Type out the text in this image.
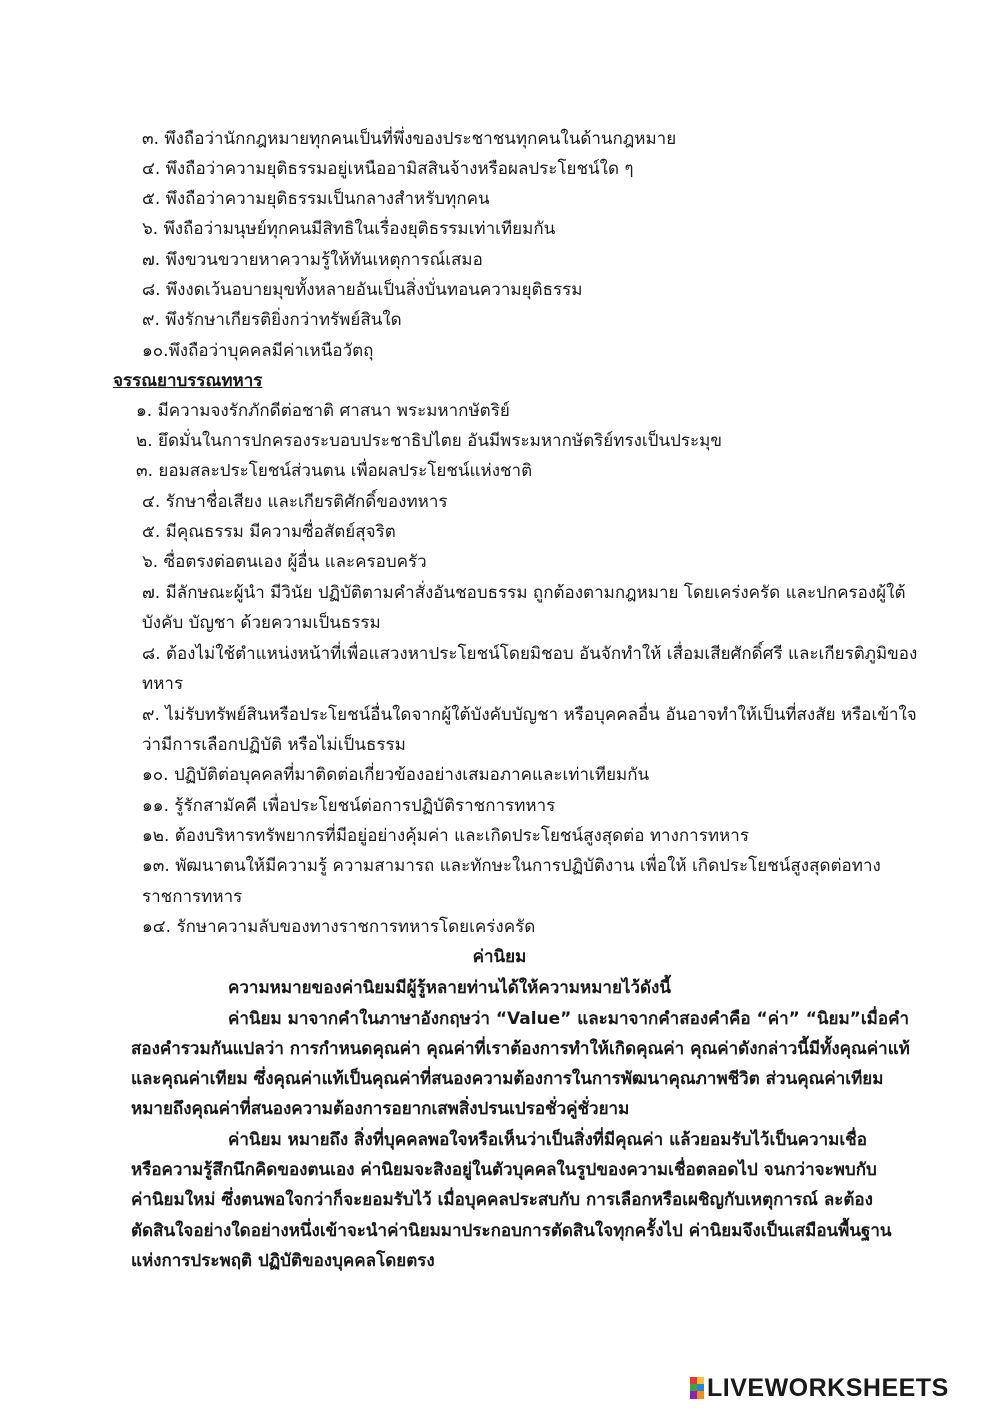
๓. พึงถือว่านักกฎหมายทุกคนเป็นที่พึ่งของประชาชนทุกคนในด้านกฎหมาย
๔. พึงถือว่าความยุติธรรมอยู่เหนืออามิสสินจ้างหรือผลประโยชน์ใด ๆ
๕. พึงถือว่าความยุติธรรมเป็นกลางสำหรับทุกคน
๖. พึงถือว่ามนุษย์ทุกคนมีสิทธิในเรื่องยุติธรรมเท่าเทียมกัน
๗. พึงขวนขวายหาความรู้ให้ทันเหตุการณ์เสมอ
๘. พึงงดเว้นอบายมุขทั้งหลายอันเป็นสิ่งบั่นทอนความยุติธรรม
๙. พึงรักษาเกียรติยิ่งกว่าทรัพย์สินใด
๑๐.พึงถือว่าบุคคลมีค่าเหนือวัตถุ
จรรณยาบรรณทหาร
๑. มีความจงรักภักดีต่อชาติ ศาสนา พระมหากษัตริย์
๒. ยึดมั่นในการปกครองระบอบประชาธิปไตย อันมีพระมหากษัตริย์ทรงเป็นประมุข
๓. ยอมสละประโยชน์ส่วนตน เพื่อผลประโยชน์แห่งชาติ
๔. รักษาชื่อเสียง และเกียรติศักดิ์ของทหาร
๕. มีคุณธรรม มีความซื่อสัตย์สุจริต
๖. ซื่อตรงต่อตนเอง ผู้อื่น และครอบครัว
๗. มีลักษณะผู้นำ มีวินัย ปฏิบัติตามคำสั่งอันชอบธรรม ถูกต้องตามกฎหมาย โดยเคร่งครัด และปกครองผู้ใต้
บังคับ บัญชา ด้วยความเป็นธรรม
๘. ต้องไม่ใช้ตำแหน่งหน้าที่เพื่อแสวงหาประโยชน์โดยมิชอบ อันจักทำให้ เสื่อมเสียศักดิ์ศรี และเกียรติภูมิของ
ทหาร
๙. ไม่รับทรัพย์สินหรือประโยชน์อื่นใดจากผู้ใต้บังคับบัญชา หรือบุคคลอื่น อันอาจทำให้เป็นที่สงสัย หรือเข้าใจ
ว่ามีการเลือกปฏิบัติ หรือไม่เป็นธรรม
๑๐. ปฏิบัติต่อบุคคลที่มาติดต่อเกี่ยวข้องอย่างเสมอภาคและเท่าเทียมกัน
๑๑. รู้รักสามัคคี เพื่อประโยชน์ต่อการปฏิบัติราชการทหาร
๑๒. ต้องบริหารทรัพยากรที่มีอยู่อย่างคุ้มค่า และเกิดประโยชน์สูงสุดต่อ ทางการทหาร
๑๓. พัฒนาตนให้มีความรู้ ความสามารถ และทักษะในการปฏิบัติงาน เพื่อให้ เกิดประโยชน์สูงสุดต่อทาง
ราชการทหาร
๑๔. รักษาความลับของทางราชการทหารโดยเคร่งครัด
ค่านิยม
ความหมายของค่านิยมมีผู้รู้หลายท่านได้ให้ความหมายไว้ดังนี้
ค่านิยม มาจากคำในภาษาอังกฤษว่า “Value” และมาจากคำสองคำคือ “ค่า” “นิยม”เมื่อคำ
สองคำรวมกันแปลว่า การกำหนดคุณค่า คุณค่าที่เราต้องการทำให้เกิดคุณค่า คุณค่าดังกล่าวนี้มีทั้งคุณค่าแท้
และคุณค่าเทียม ซึ่งคุณค่าแท้เป็นคุณค่าที่สนองความต้องการในการพัฒนาคุณภาพชีวิต ส่วนคุณค่าเทียม
หมายถึงคุณค่าที่สนองความต้องการอยากเสพสิ่งปรนเปรอชั่วคู่ชั่วยาม
ค่านิยม หมายถึง สิ่งที่บุคคลพอใจหรือเห็นว่าเป็นสิ่งที่มีคุณค่า แล้วยอมรับไว้เป็นความเชื่อ
หรือความรู้สึกนึกคิดของตนเอง ค่านิยมจะสิงอยู่ในตัวบุคคลในรูปของความเชื่อตลอดไป จนกว่าจะพบกับ
ค่านิยมใหม่ ซึ่งตนพอใจกว่าก็จะยอมรับไว้ เมื่อบุคคลประสบกับ การเลือกหรือเผชิญกับเหตุการณ์ ละต้อง
ตัดสินใจอย่างใดอย่างหนึ่งเข้าจะนำค่านิยมมาประกอบการตัดสินใจทุกครั้งไป ค่านิยมจึงเป็นเสมือนพื้นฐาน
แห่งการประพฤติ ปฏิบัติของบุคคลโดยตรง
LIVEWORKSHEETS
